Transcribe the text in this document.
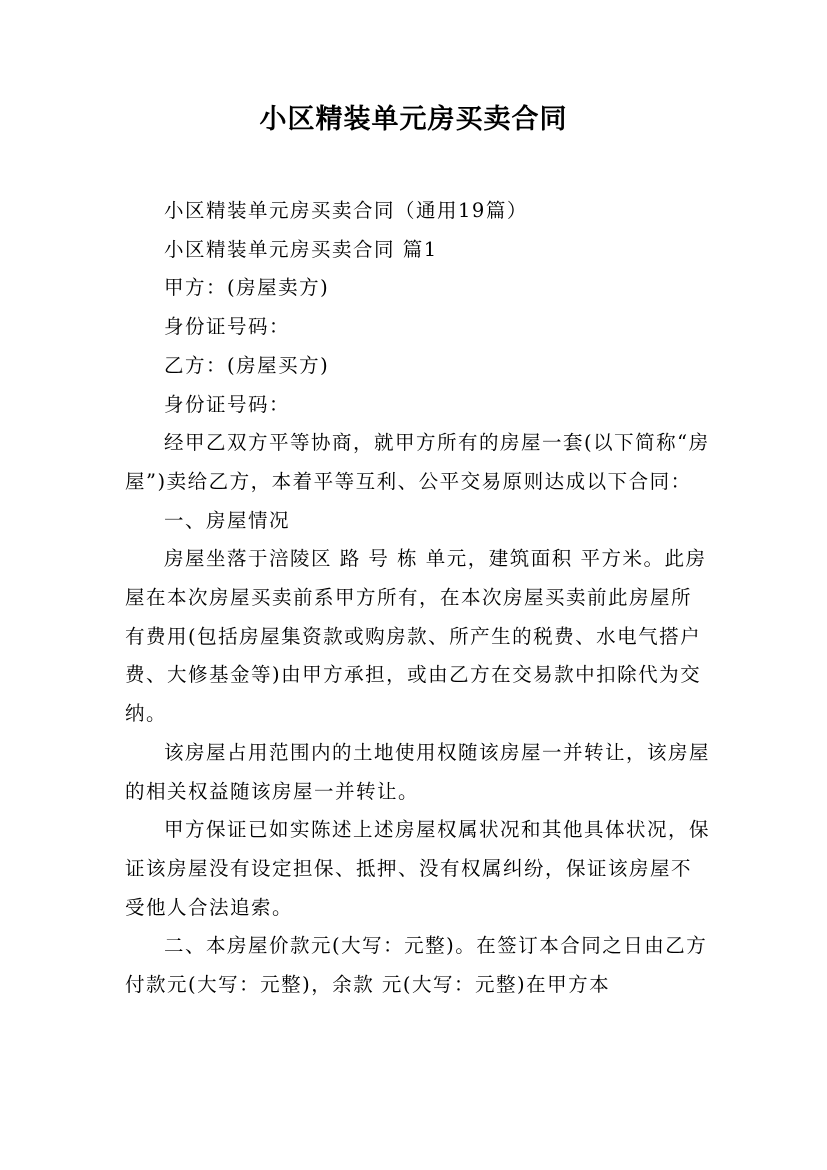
小区精装单元房买卖合同

小区精装单元房买卖合同（通用19篇）

小区精装单元房买卖合同 篇1

甲方：(房屋卖方)

身份证号码：

乙方：(房屋买方)

身份证号码：

经甲乙双方平等协商，就甲方所有的房屋一套(以下简称“房屋”)卖给乙方，本着平等互利、公平交易原则达成以下合同：

一、房屋情况

房屋坐落于涪陵区 路 号 栋 单元，建筑面积 平方米。此房屋在本次房屋买卖前系甲方所有，在本次房屋买卖前此房屋所有费用(包括房屋集资款或购房款、所产生的税费、水电气搭户费、大修基金等)由甲方承担，或由乙方在交易款中扣除代为交纳。

该房屋占用范围内的土地使用权随该房屋一并转让，该房屋的相关权益随该房屋一并转让。

甲方保证已如实陈述上述房屋权属状况和其他具体状况，保证该房屋没有设定担保、抵押、没有权属纠纷，保证该房屋不受他人合法追索。

二、本房屋价款元(大写：元整)。在签订本合同之日由乙方付款元(大写：元整)，余款 元(大写：元整)在甲方本
